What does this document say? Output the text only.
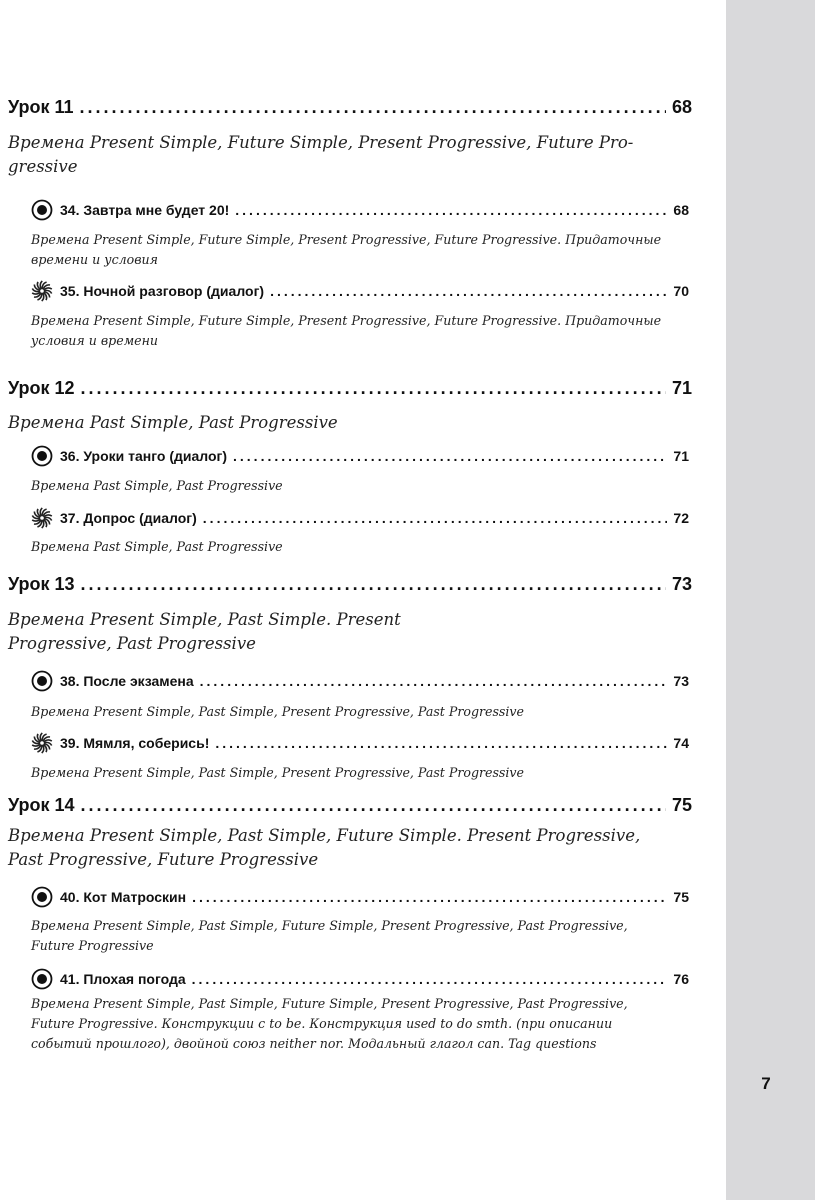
7
Урок 11 .....	68
Времена Present Simple, Future Simple, Present Progressive, Future Progressive
34. Завтра мне будет 20! .....	68
Времена Present Simple, Future Simple, Present Progressive, Future Progressive. Придаточные времени и условия
35. Ночной разговор (диалог) .....	70
Времена Present Simple, Future Simple, Present Progressive, Future Progressive. Придаточные условия и времени
Урок 12 .....	71
Времена Past Simple, Past Progressive
36. Уроки танго (диалог) .....	71
Времена Past Simple, Past Progressive
37. Допрос (диалог) .....	72
Времена Past Simple, Past Progressive
Урок 13 .....	73
Времена Present Simple, Past Simple. Present Progressive, Past Progressive
38. После экзамена .....	73
Времена Present Simple, Past Simple, Present Progressive, Past Progressive
39. Мямля, соберись! .....	74
Времена Present Simple, Past Simple, Present Progressive, Past Progressive
Урок 14 .....	75
Времена Present Simple, Past Simple, Future Simple. Present Progressive, Past Progressive, Future Progressive
40. Кот Матроскин .....	75
Времена Present Simple, Past Simple, Future Simple, Present Progressive, Past Progressive, Future Progressive
41. Плохая погода .....	76
Времена Present Simple, Past Simple, Future Simple, Present Progressive, Past Progressive, Future Progressive. Конструкции с to be. Конструкция used to do smth. (при описании событий прошлого), двойной союз neither nor. Модальный глагол can. Tag questions
